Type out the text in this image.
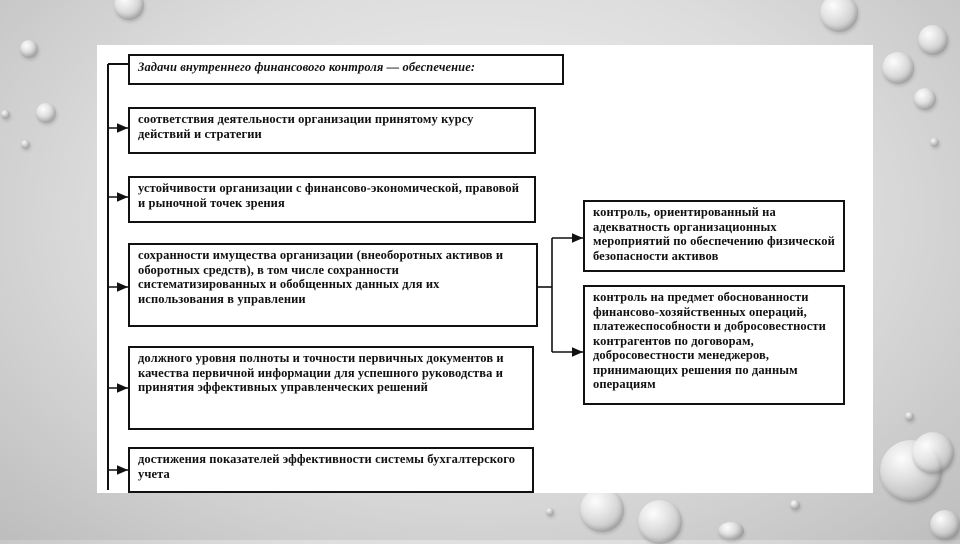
Задачи внутреннего финансового контроля — обеспечение:
соответствия деятельности организации принятому курсу действий и стратегии
устойчивости организации с финансово-экономической, правовой и рыночной точек зрения
сохранности имущества организации (внеоборотных активов и оборотных средств), в том числе сохранности систематизированных и обобщенных данных для их использования в управлении
должного уровня полноты и точности первичных документов и качества первичной информации для успешного руководства и принятия эффективных управленческих решений
достижения показателей эффективности системы бухгалтерского учета
контроль, ориентированный на адекватность организационных мероприятий по обеспечению физической безопасности активов
контроль на предмет обоснованности финансово-хозяйственных операций, платежеспособности и добросовестности контрагентов по договорам, добросовестности менеджеров, принимающих решения по данным операциям
